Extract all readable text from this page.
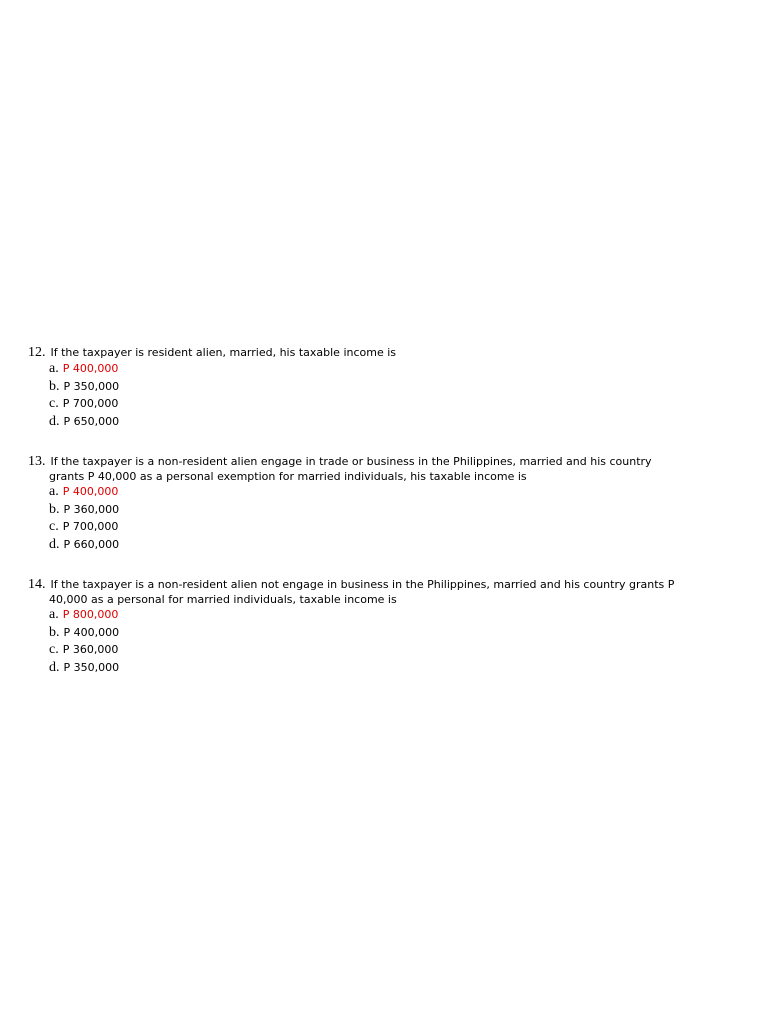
12. If the taxpayer is resident alien, married, his taxable income is
a. P 400,000
b. P 350,000
c. P 700,000
d. P 650,000
13. If the taxpayer is a non-resident alien engage in trade or business in the Philippines, married and his country
grants P 40,000 as a personal exemption for married individuals, his taxable income is
a. P 400,000
b. P 360,000
c. P 700,000
d. P 660,000
14. If the taxpayer is a non-resident alien not engage in business in the Philippines, married and his country grants P
40,000 as a personal for married individuals, taxable income is
a. P 800,000
b. P 400,000
c. P 360,000
d. P 350,000
